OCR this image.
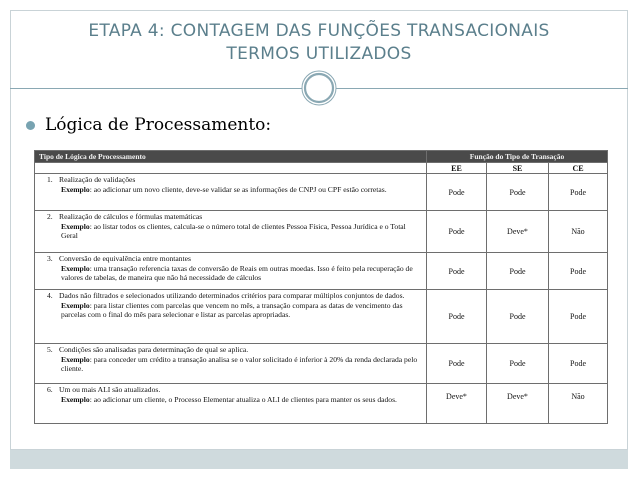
ETAPA 4: CONTAGEM DAS FUNÇÕES TRANSACIONAIS
TERMOS UTILIZADOS
Lógica de Processamento:
Tipo de Lógica de Processamento	Função do Tipo de Transação		
	EE	SE	CE

1. Realização de validações
Exemplo: ao adicionar um novo cliente, deve-se validar se as informações de CNPJ ou CPF estão corretas.	Pode	Pode	Pode

2. Realização de cálculos e fórmulas matemáticas
Exemplo: ao listar todos os clientes, calcula-se o número total de clientes Pessoa Física, Pessoa Jurídica e o Total Geral	Pode	Deve*	Não

3. Conversão de equivalência entre montantes
Exemplo: uma transação referencia taxas de conversão de Reais em outras moedas. Isso é feito pela recuperação de valores de tabelas, de maneira que não há necessidade de cálculos	Pode	Pode	Pode

4. Dados não filtrados e selecionados utilizando determinados critérios para comparar múltiplos conjuntos de dados.
Exemplo: para listar clientes com parcelas que vencem no mês, a transação compara as datas de vencimento das parcelas com o final do mês para selecionar e listar as parcelas apropriadas.	Pode	Pode	Pode

5. Condições são analisadas para determinação de qual se aplica.
Exemplo: para conceder um crédito a transação analisa se o valor solicitado é inferior à 20% da renda declarada pelo cliente.	Pode	Pode	Pode

6. Um ou mais ALI são atualizados.
Exemplo: ao adicionar um cliente, o Processo Elementar atualiza o ALI de clientes para manter os seus dados.	Deve*	Deve*	Não
